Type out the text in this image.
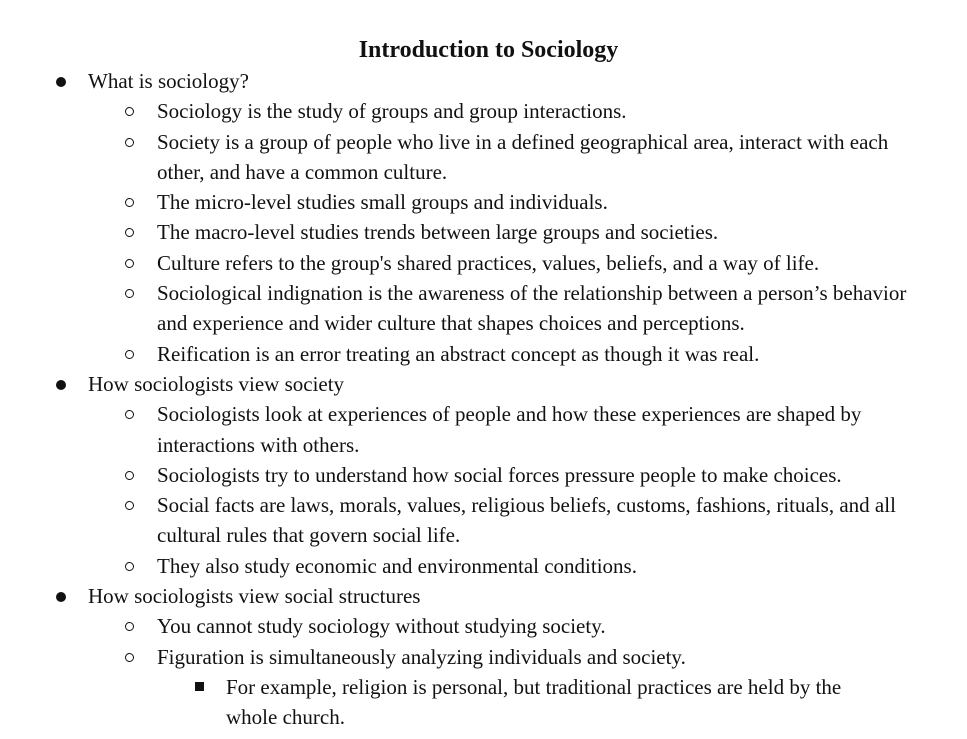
Introduction to Sociology
What is sociology?
Sociology is the study of groups and group interactions.
Society is a group of people who live in a defined geographical area, interact with each other, and have a common culture.
The micro-level studies small groups and individuals.
The macro-level studies trends between large groups and societies.
Culture refers to the group's shared practices, values, beliefs, and a way of life.
Sociological indignation is the awareness of the relationship between a person’s behavior and experience and wider culture that shapes choices and perceptions.
Reification is an error treating an abstract concept as though it was real.
How sociologists view society
Sociologists look at experiences of people and how these experiences are shaped by interactions with others.
Sociologists try to understand how social forces pressure people to make choices.
Social facts are laws, morals, values, religious beliefs, customs, fashions, rituals, and all cultural rules that govern social life.
They also study economic and environmental conditions.
How sociologists view social structures
You cannot study sociology without studying society.
Figuration is simultaneously analyzing individuals and society.
For example, religion is personal, but traditional practices are held by the whole church.
